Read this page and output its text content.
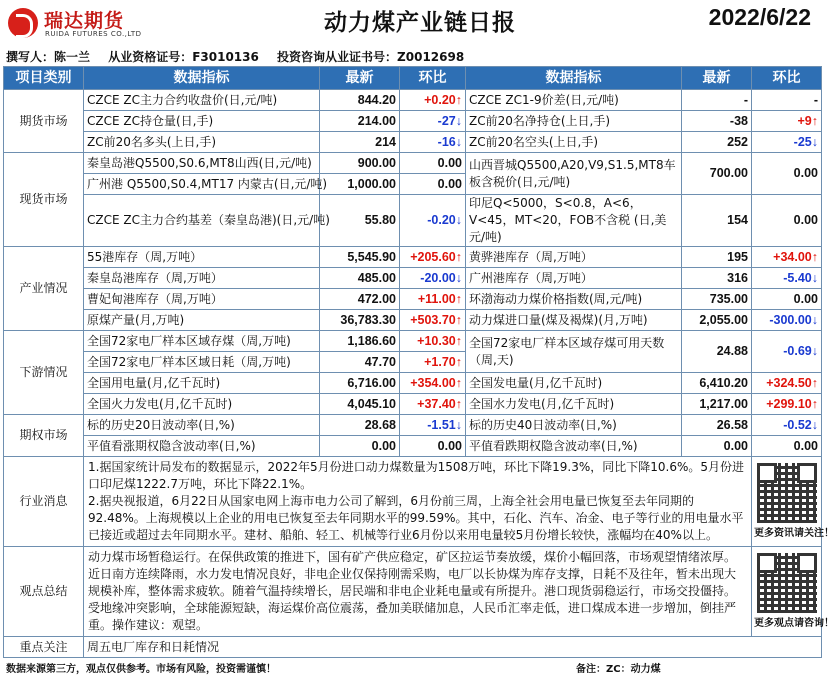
瑞达期货
RUIDA FUTURES CO.,LTD	动力煤产业链日报	2022/6/22
撰写人：陈一兰 从业资格证号：F3010136 投资咨询从业证书号：Z0012698
项目类别	数据指标	最新	环比	数据指标	最新	环比
期货市场	CZCE ZC主力合约收盘价(日,元/吨)	844.20	+0.20↑	CZCE ZC1-9价差(日,元/吨)	-	-
	CZCE ZC持仓量(日,手)	214.00	-27↓	ZC前20名净持仓(上日,手)	-38	+9↑
	ZC前20名多头(上日,手)	214	-16↓	ZC前20名空头(上日,手)	252	-25↓
现货市场	秦皇岛港Q5500,S0.6,MT8山西(日,元/吨)	900.00	0.00	山西晋城Q5500,A20,V9,S1.5,MT8车板含税价(日,元/吨)	700.00	0.00
	广州港 Q5500,S0.4,MT17 内蒙古(日,元/吨)	1,000.00	0.00			
	CZCE ZC主力合约基差（秦皇岛港)(日,元/吨)	55.80	-0.20↓	印尼Q<5000，S<0.8，A<6，V<45，MT<20，FOB不含税 (日,美元/吨)	154	0.00

产业情况	55港库存（周,万吨）	5,545.90	+205.60↑	黄骅港库存（周,万吨）	195	+34.00↑
	秦皇岛港库存（周,万吨）	485.00	-20.00↓	广州港库存（周,万吨）	316	-5.40↓
	曹妃甸港库存（周,万吨）	472.00	+11.00↑	环渤海动力煤价格指数(周,元/吨)	735.00	0.00
	原煤产量(月,万吨)	36,783.30	+503.70↑	动力煤进口量(煤及褐煤)(月,万吨)	2,055.00	-300.00↓
下游情况	全国72家电厂样本区域存煤（周,万吨)	1,186.60	+10.30↑	全国72家电厂样本区域存煤可用天数（周,天)	24.88	-0.69↓
	全国72家电厂样本区域日耗（周,万吨)	47.70	+1.70↑			
	全国用电量(月,亿千瓦时)	6,716.00	+354.00↑	全国发电量(月,亿千瓦时)	6,410.20	+324.50↑
	全国火力发电(月,亿千瓦时)	4,045.10	+37.40↑	全国水力发电(月,亿千瓦时)	1,217.00	+299.10↑
期权市场	标的历史20日波动率(日,%)	28.68	-1.51↓	标的历史40日波动率(日,%)	26.58	-0.52↓
	平值看涨期权隐含波动率(日,%)	0.00	0.00	平值看跌期权隐含波动率(日,%)	0.00	0.00
行业消息	1.据国家统计局发布的数据显示，2022年5月份进口动力煤数量为1508万吨，环比下降19.3%，同比下降10.6%。5月份进口印尼煤1222.7万吨，环比下降22.1%。

2.据央视报道，6月22日从国家电网上海市电力公司了解到，6月份前三周，上海全社会用电量已恢复至去年同期的92.48%。上海规模以上企业的用电已恢复至去年同期水平的99.59%。其中，石化、汽车、冶金、电子等行业的用电量水平已接近或超过去年同期水平。建材、船舶、轻工、机械等行业6月份以来用电量较5月份增长较快，涨幅均在40%以上。					更多资讯请关注！

观点总结	动力煤市场暂稳运行。在保供政策的推进下，国有矿产供应稳定，矿区拉运节奏放缓，煤价小幅回落，市场观望情绪浓厚。近日南方连续降雨，水力发电情况良好，非电企业仅保持刚需采购，电厂以长协煤为库存支撑，日耗不及往年，暂未出现大规模补库，整体需求疲软。随着气温持续增长，居民端和非电企业耗电量或有所提升。港口现货弱稳运行，市场交投僵持。受地缘冲突影响，全球能源短缺，海运煤价高位震荡，叠加美联储加息，人民币汇率走低，进口煤成本进一步增加，倒挂严重。操作建议：观望。					更多观点请咨询！

重点关注	周五电厂库存和日耗情况					
数据来源第三方，观点仅供参考。市场有风险，投资需谨慎！	备注：ZC：动力煤
